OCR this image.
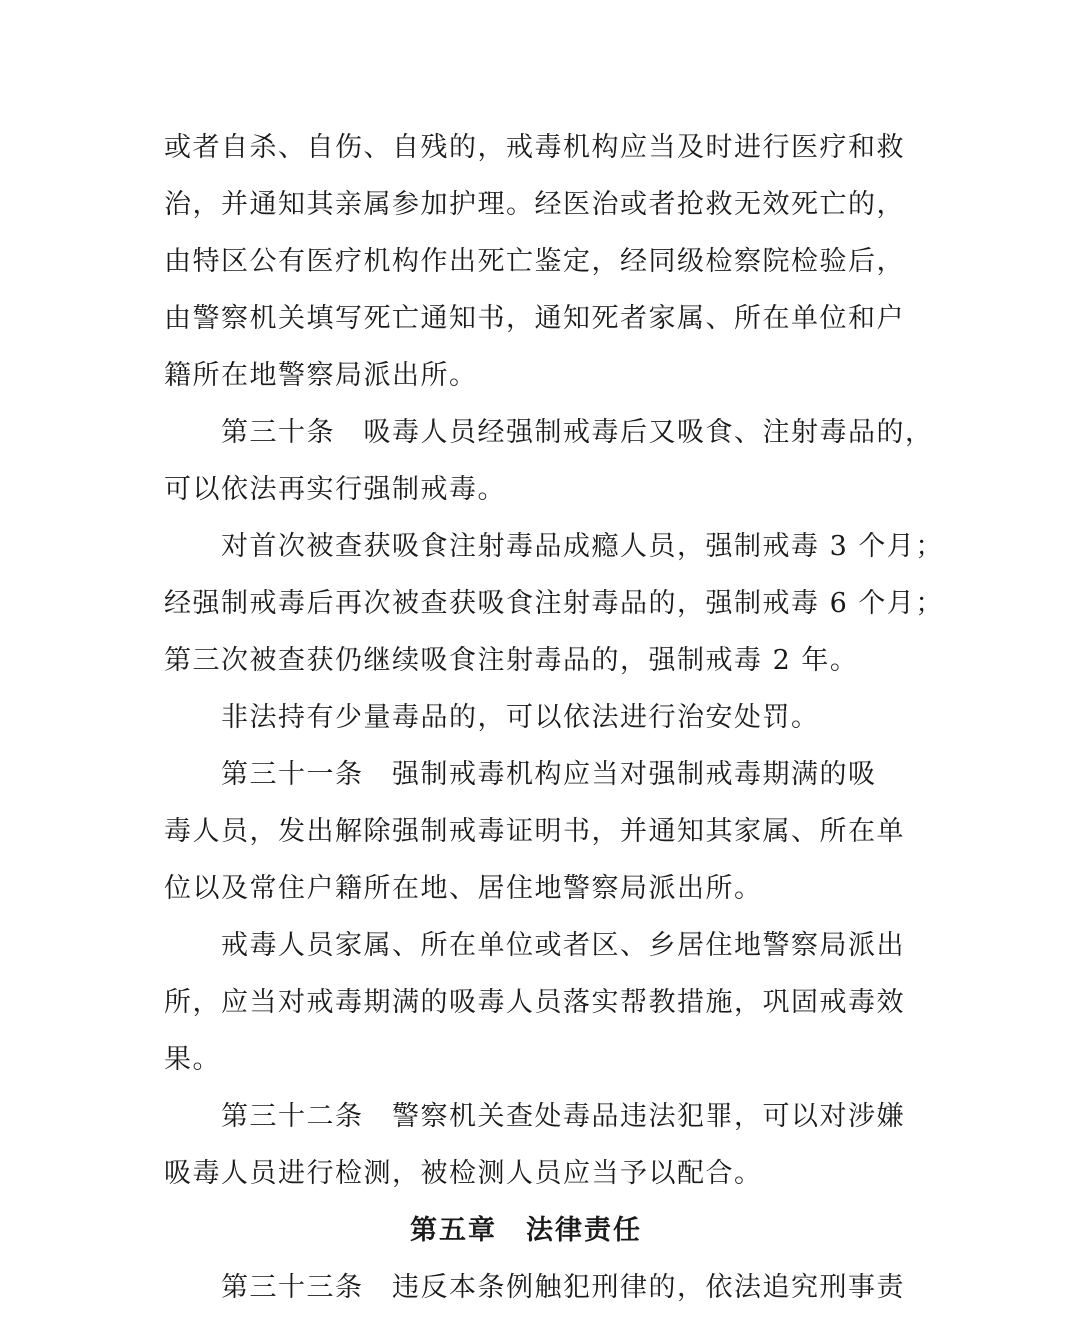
或者自杀、自伤、自残的，戒毒机构应当及时进行医疗和救
治，并通知其亲属参加护理。经医治或者抢救无效死亡的，
由特区公有医疗机构作出死亡鉴定，经同级检察院检验后，
由警察机关填写死亡通知书，通知死者家属、所在单位和户
籍所在地警察局派出所。
第三十条　吸毒人员经强制戒毒后又吸食、注射毒品的，
可以依法再实行强制戒毒。
对首次被查获吸食注射毒品成瘾人员，强制戒毒 3 个月；
经强制戒毒后再次被查获吸食注射毒品的，强制戒毒 6 个月；
第三次被查获仍继续吸食注射毒品的，强制戒毒 2 年。
非法持有少量毒品的，可以依法进行治安处罚。
第三十一条　强制戒毒机构应当对强制戒毒期满的吸
毒人员，发出解除强制戒毒证明书，并通知其家属、所在单
位以及常住户籍所在地、居住地警察局派出所。
戒毒人员家属、所在单位或者区、乡居住地警察局派出
所，应当对戒毒期满的吸毒人员落实帮教措施，巩固戒毒效
果。
第三十二条　警察机关查处毒品违法犯罪，可以对涉嫌
吸毒人员进行检测，被检测人员应当予以配合。
第五章　法律责任
第三十三条　违反本条例触犯刑律的，依法追究刑事责
